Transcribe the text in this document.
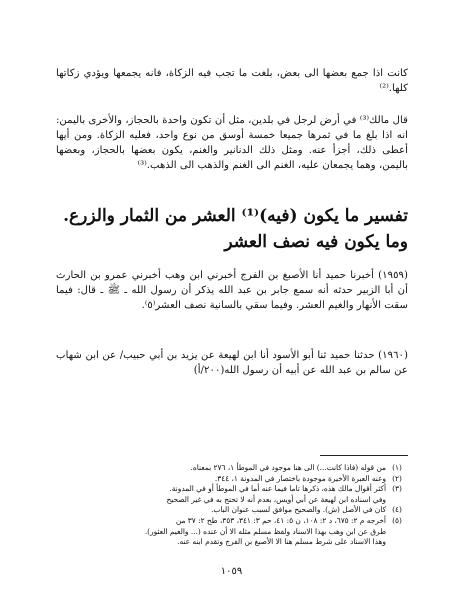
كانت اذا جمع بعضها الى بعض، بلغت ما تجب فيه الزكاة، فانه يجمعها ويؤدي زكاتها كلها.⁽²⁾
قال مالك⁽³⁾ في أرض لرجل في بلدين، مثل أن تكون واحدة بالحجاز، والأخرى باليمن: انه اذا بلغ ما في ثمرها جميعا خمسة أوسق من نوع واحد، فعليه الزكاة. ومن أيها أعطى ذلك، أجزأ عنه. ومثل ذلك الدنانير والغنم، يكون بعضها بالحجاز، وبعضها باليمن، وهما يجمعان عليه، الغنم الى الغنم والذهب الى الذهب.⁽³⁾
تفسير ما يكون (فيه)⁽¹⁾ العشر من الثمار والزرع. وما يكون فيه نصف العشر
(١٩٥٩) أخبرنا حميد أنا الأصبغ بن الفرج أخبرني ابن وهب أخبرني عمرو بن الحارث أن أبا الزبير حدثه أنه سمع جابر بن عبد الله يذكر أن رسول الله ـ ﷺ ـ قال: فيما سقت الأنهار والغيم العشر. وفيما سقي بالسانية نصف العشر⁽٥⁾.
(١٩٦٠) حدثنا حميد ثنا أبو الأسود أنا ابن لهيعة عن يزيد بن أبي حبيب/ عن ابن شهاب عن سالم بن عبد الله عن أبيه أن رسول الله(٢٠٠/أ)
(١)
من قوله (فاذا كانت...) الى هنا موجود في الموطأ ١، ٢٧٦ بمعناه.
(٢)
وعنه العبرة الأخيرة موجودة باختصار في المدونة ١، ٣٤٤.
(٣)
أكثر أقوال مالك هذه، ذكرها تاما فيما عنه أما في الموطأ أو في المدونة.
وفي اسناده ابن لهيعة عن أبي أويس، بعدم أنه لا تحتج به في غير الصحيح
(٤)
كان في الأصل (ش). والصحيح موافق لسبب عنوان الباب.
(٥)
أخرجه م ٢: ٦٧٥، د ٢: ١٠٨، ن ٥: ٤١، حم ٣: ٣٤١، ٣٥٣، طح ٢: ٣٧ من
طرق عن ابن وهب بهذا الاسناد ولفظ مسلم مثله الا أن عنده (... والغيم العثور).
وهذا الاسناد على شرط مسلم هنا الا الأصبغ بن الفرج وتقدم ابنه عنه.
١٠٥٩
